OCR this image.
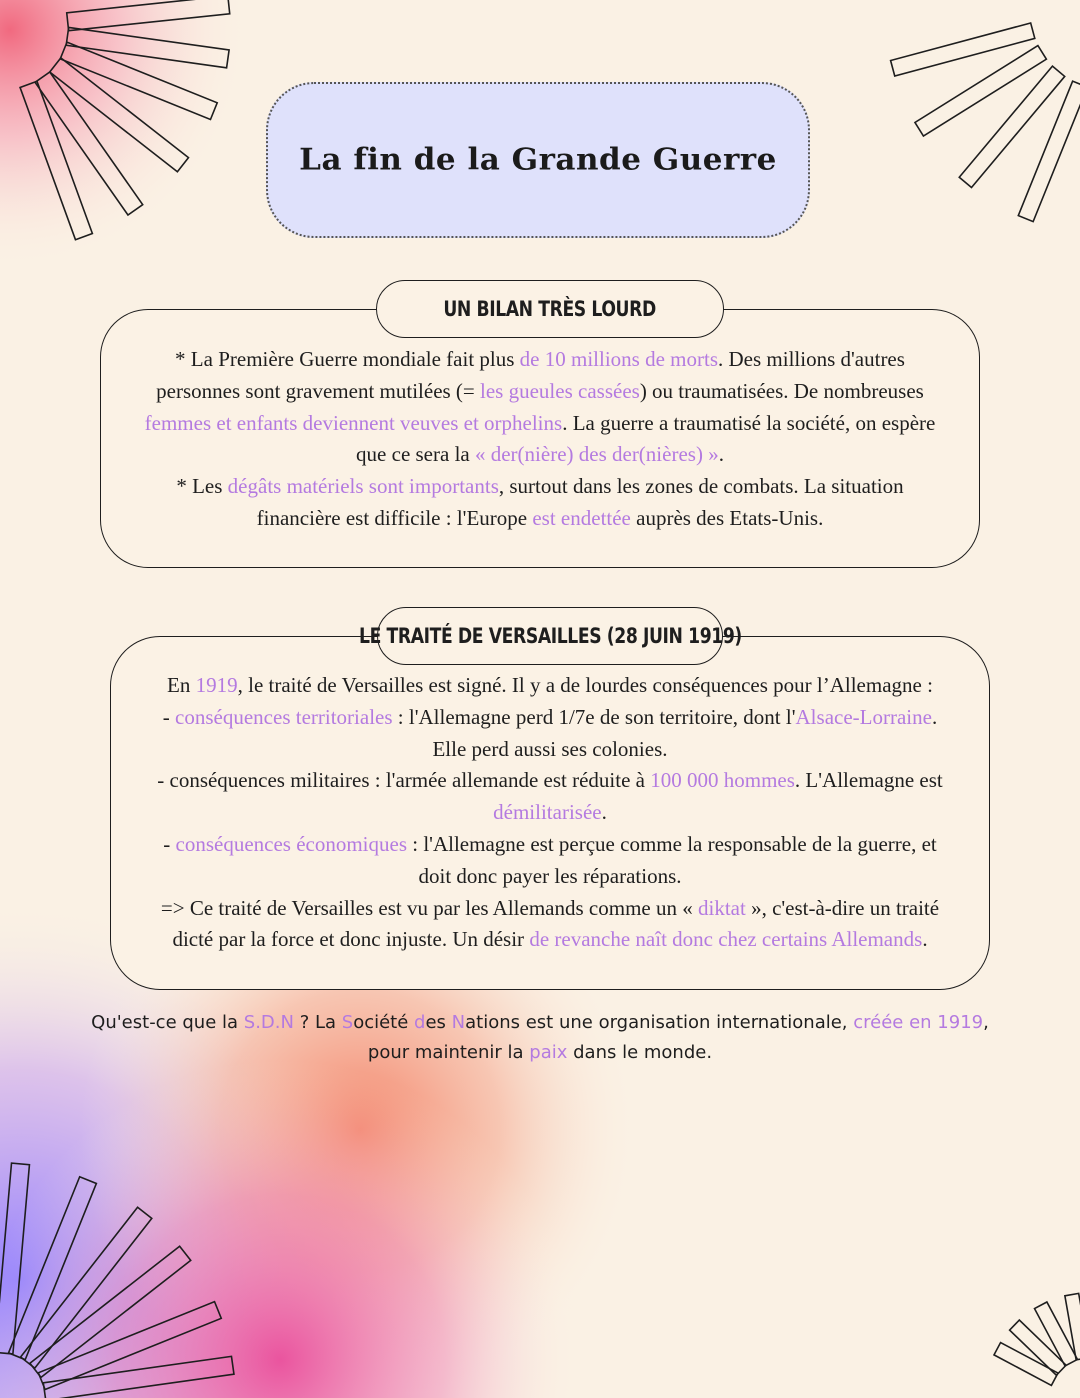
La fin de la Grande Guerre
UN BILAN TRÈS LOURD

* La Première Guerre mondiale fait plus de 10 millions de morts. Des millions d'autres

personnes sont gravement mutilées (= les gueules cassées) ou traumatisées. De nombreuses

femmes et enfants deviennent veuves et orphelins. La guerre a traumatisé la société, on espère

que ce sera la « der(nière) des der(nières) ».

* Les dégâts matériels sont importants, surtout dans les zones de combats. La situation

financière est difficile : l'Europe est endettée auprès des Etats-Unis.

LE TRAITÉ DE VERSAILLES (28 JUIN 1919)

En 1919, le traité de Versailles est signé. Il y a de lourdes conséquences pour l’Allemagne :

- conséquences territoriales : l'Allemagne perd 1/7e de son territoire, dont l'Alsace-Lorraine.

Elle perd aussi ses colonies.

- conséquences militaires : l'armée allemande est réduite à 100 000 hommes. L'Allemagne est

démilitarisée.

- conséquences économiques : l'Allemagne est perçue comme la responsable de la guerre, et

doit donc payer les réparations.

=> Ce traité de Versailles est vu par les Allemands comme un « diktat », c'est-à-dire un traité

dicté par la force et donc injuste. Un désir de revanche naît donc chez certains Allemands.

Qu'est-ce que la S.D.N ? La Société des Nations est une organisation internationale, créée en 1919,

pour maintenir la paix dans le monde.
